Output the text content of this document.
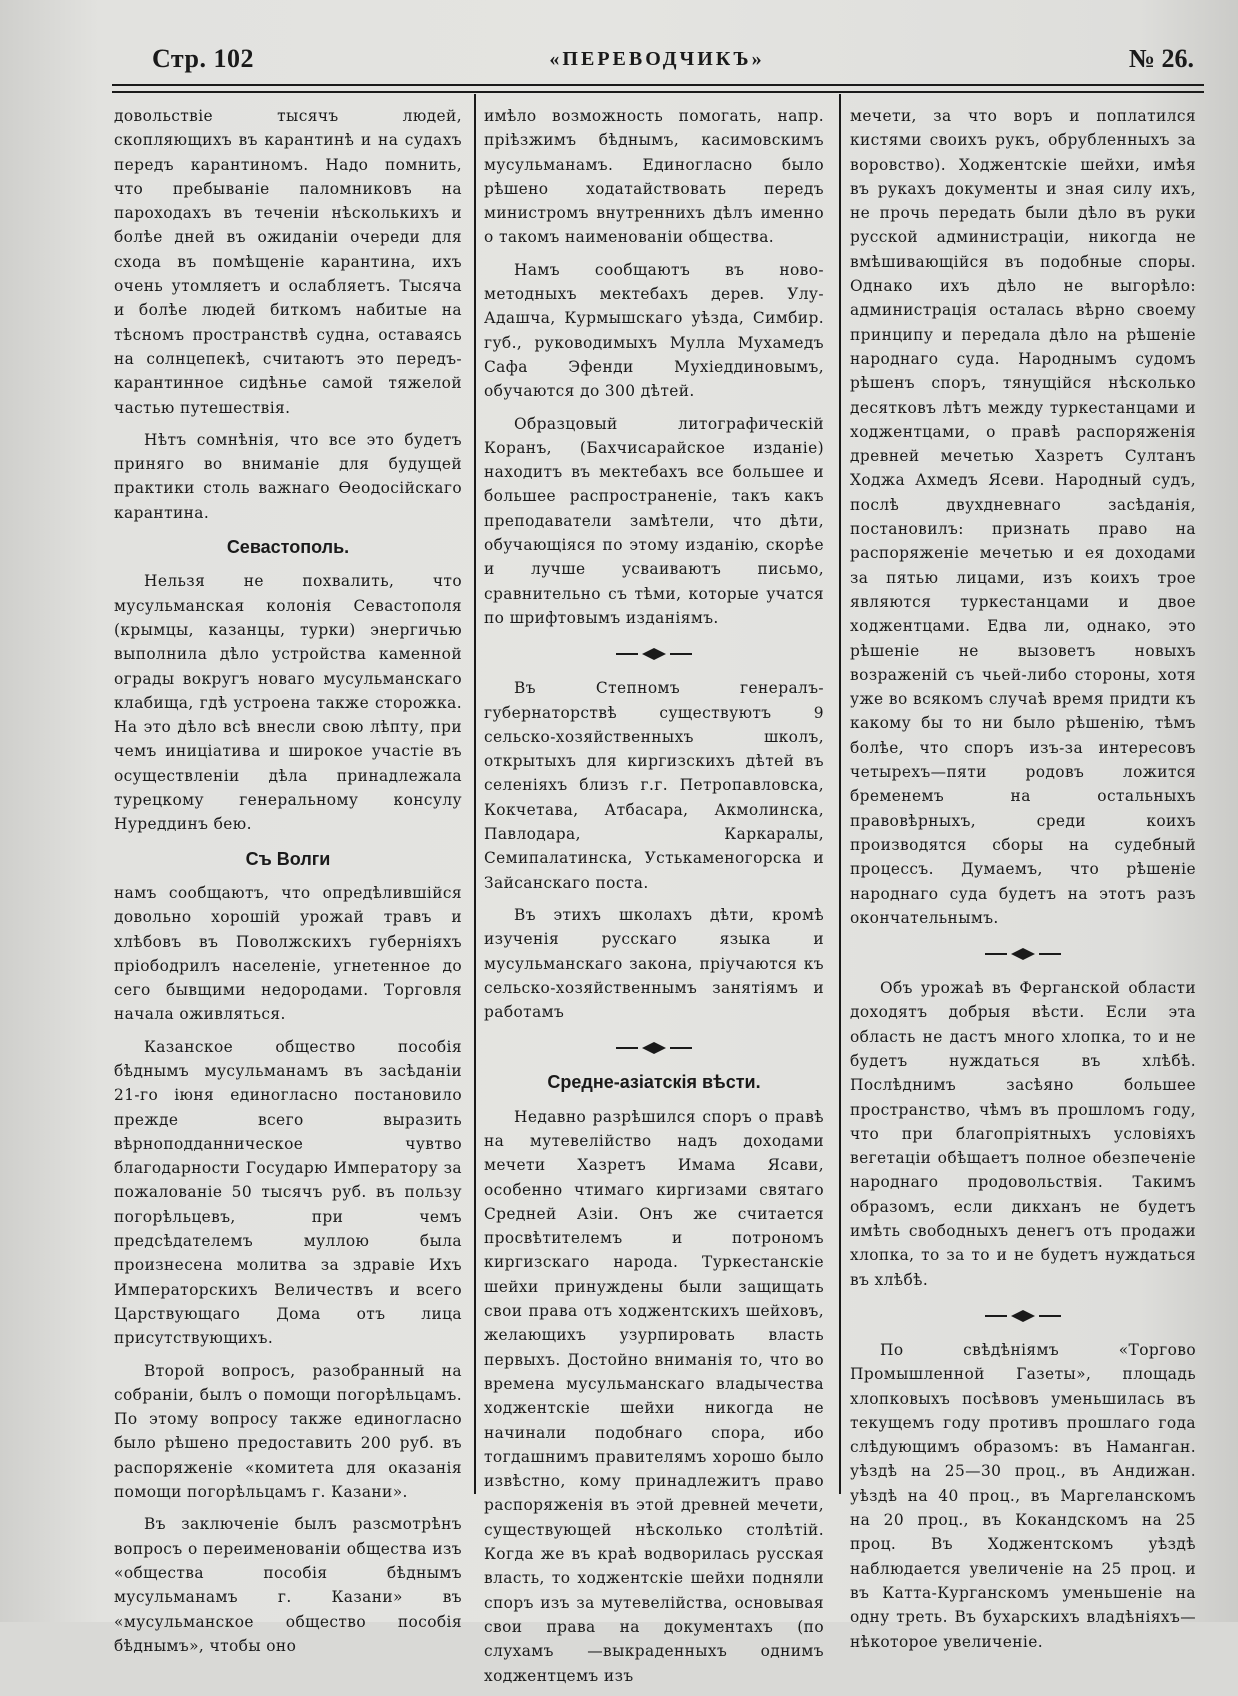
Стр. 102	«ПЕРЕВОДЧИКЪ»	№ 26.

довольствіе тысячъ людей, скопляющихъ въ карантинѣ и на судахъ передъ карантиномъ. Надо помнить, что пребываніе паломниковъ на пароходахъ въ теченіи нѣсколькихъ и болѣе дней въ ожиданіи очереди для схода въ помѣщеніе карантина, ихъ очень утомляетъ и ослабляетъ. Тысяча и болѣе людей биткомъ набитые на тѣсномъ пространствѣ судна, оставаясь на солнцепекѣ, считаютъ это передъ-карантинное сидѣнье самой тяжелой частью путешествія.

Нѣтъ сомнѣнія, что все это будетъ приняго во вниманіе для будущей практики столь важнаго Ѳеодосійскаго карантина.

Севастополь.

Нельзя не похвалить, что мусульманская колонія Севастополя (крымцы, казанцы, турки) энергичью выполнила дѣло устройства каменной ограды вокругъ новаго мусульманскаго клабища, гдѣ устроена также сторожка. На это дѣло всѣ внесли свою лѣпту, при чемъ иниціатива и широкое участіе въ осуществленіи дѣла принадлежала турецкому генеральному консулу Нуреддинъ бею.

Съ Волги

намъ сообщаютъ, что опредѣлившійся довольно хорошій урожай травъ и хлѣбовъ въ Поволжскихъ губерніяхъ пріободрилъ населеніе, угнетенное до сего бывщими недородами. Торговля начала оживляться.

Казанское общество пособія бѣднымъ мусульманамъ въ засѣданіи 21-го іюня единогласно постановило прежде всего выразить вѣрноподданническое чувтво благодарности Государю Императору за пожалованіе 50 тысячъ руб. въ пользу погорѣльцевъ, при чемъ предсѣдателемъ муллою была произнесена молитва за здравіе Ихъ Императорскихъ Величествъ и всего Царствующаго Дома отъ лица присутствующихъ.

Второй вопросъ, разобранный на собраніи, былъ о помощи погорѣльцамъ. По этому вопросу также единогласно было рѣшено предоставить 200 руб. въ распоряженіе «комитета для оказанія помощи погорѣльцамъ г. Казани».

Въ заключеніе былъ разсмотрѣнъ вопросъ о переименованіи общества изъ «общества пособія бѣднымъ мусульманамъ г. Казани» въ «мусульманское общество пособія бѣднымъ», чтобы оно

имѣло возможность помогать, напр. пріѣзжимъ бѣднымъ, касимовскимъ мусульманамъ. Единогласно было рѣшено ходатайствовать передъ министромъ внутреннихъ дѣлъ именно о такомъ наименованіи общества.

Намъ сообщаютъ въ ново-методныхъ мектебахъ дерев. Улу-Адашча, Курмышскаго уѣзда, Симбир. губ., руководимыхъ Мулла Мухамедъ Сафа Эфенди Мухіеддиновымъ, обучаются до 300 дѣтей.

Образцовый литографическій Коранъ, (Бахчисарайское изданіе) находитъ въ мектебахъ все большее и большее распространеніе, такъ какъ преподаватели замѣтели, что дѣти, обучающіяся по этому изданію, скорѣе и лучше усваиваютъ письмо, сравнительно съ тѣми, которые учатся по шрифтовымъ изданіямъ.

Въ Степномъ генералъ-губернаторствѣ существуютъ 9 сельско-хозяйственныхъ школъ, открытыхъ для киргизскихъ дѣтей въ селеніяхъ близъ г.г. Петропавловска, Кокчетава, Атбасара, Акмолинска, Павлодара, Каркаралы, Семипалатинска, Устькаменогорска и Зайсанскаго поста.

Въ этихъ школахъ дѣти, кромѣ изученія русскаго языка и мусульманскаго закона, пріучаются къ сельско-хозяйственнымъ занятіямъ и работамъ

Средне-азіатскія вѣсти.

Недавно разрѣшился споръ о правѣ на мутевелійство надъ доходами мечети Хазретъ Имама Ясави, особенно чтимаго киргизами святаго Средней Азіи. Онъ же считается просвѣтителемъ и потрономъ киргизскаго народа. Туркестанскіе шейхи принуждены были защищать свои права отъ ходжентскихъ шейховъ, желающихъ узурпировать власть первыхъ. Достойно вниманія то, что во времена мусульманскаго владычества ходжентскіе шейхи никогда не начинали подобнаго спора, ибо тогдашнимъ правителямъ хорошо было извѣстно, кому принадлежитъ право распоряженія въ этой древней мечети, существующей нѣсколько столѣтій. Когда же въ краѣ водворилась русская власть, то ходжентскіе шейхи подняли споръ изъ за мутевелійства, основывая свои права на документахъ (по слухамъ —выкраденныхъ однимъ ходжентцемъ изъ

мечети, за что воръ и поплатился кистями своихъ рукъ, обрубленныхъ за воровство). Ходжентскіе шейхи, имѣя въ рукахъ документы и зная силу ихъ, не прочь передать были дѣло въ руки русской администраціи, никогда не вмѣшивающійся въ подобные споры. Однако ихъ дѣло не выгорѣло: администрація осталась вѣрно своему принципу и передала дѣло на рѣшеніе народнаго суда. Народнымъ судомъ рѣшенъ споръ, тянущійся нѣсколько десятковъ лѣтъ между туркестанцами и ходжентцами, о правѣ распоряженія древней мечетью Хазретъ Султанъ Ходжа Ахмедъ Ясеви. Народный судъ, послѣ двухдневнаго засѣданія, постановилъ: признать право на распоряженіе мечетью и ея доходами за пятью лицами, изъ коихъ трое являются туркестанцами и двое ходжентцами. Едва ли, однако, это рѣшеніе не вызоветъ новыхъ возраженій съ чьей-либо стороны, хотя уже во всякомъ случаѣ время придти къ какому бы то ни было рѣшенію, тѣмъ болѣе, что споръ изъ-за интересовъ четырехъ—пяти родовъ ложится бременемъ на остальныхъ правовѣрныхъ, среди коихъ производятся сборы на судебный процессъ. Думаемъ, что рѣшеніе народнаго суда будетъ на этотъ разъ окончательнымъ.

Объ урожаѣ въ Ферганской области доходятъ добрыя вѣсти. Если эта область не дастъ много хлопка, то и не будетъ нуждаться въ хлѣбѣ. Послѣднимъ засѣяно большее пространство, чѣмъ въ прошломъ году, что при благопріятныхъ условіяхъ вегетаціи обѣщаетъ полное обезпеченіе народнаго продовольствія. Такимъ образомъ, если дикханъ не будетъ имѣть свободныхъ денегъ отъ продажи хлопка, то за то и не будетъ нуждаться въ хлѣбѣ.

По свѣдѣніямъ «Торгово Промышленной Газеты», площадь хлопковыхъ посѣвовъ уменьшилась въ текущемъ году противъ прошлаго года слѣдующимъ образомъ: въ Наманган. уѣздѣ на 25—30 проц., въ Андижан. уѣздѣ на 40 проц., въ Маргеланскомъ на 20 проц., въ Кокандскомъ на 25 проц. Въ Ходжентскомъ уѣздѣ наблюдается увеличеніе на 25 проц. и въ Катта-Курганскомъ уменьшеніе на одну треть. Въ бухарскихъ владѣніяхъ—нѣкоторое увеличеніе.
